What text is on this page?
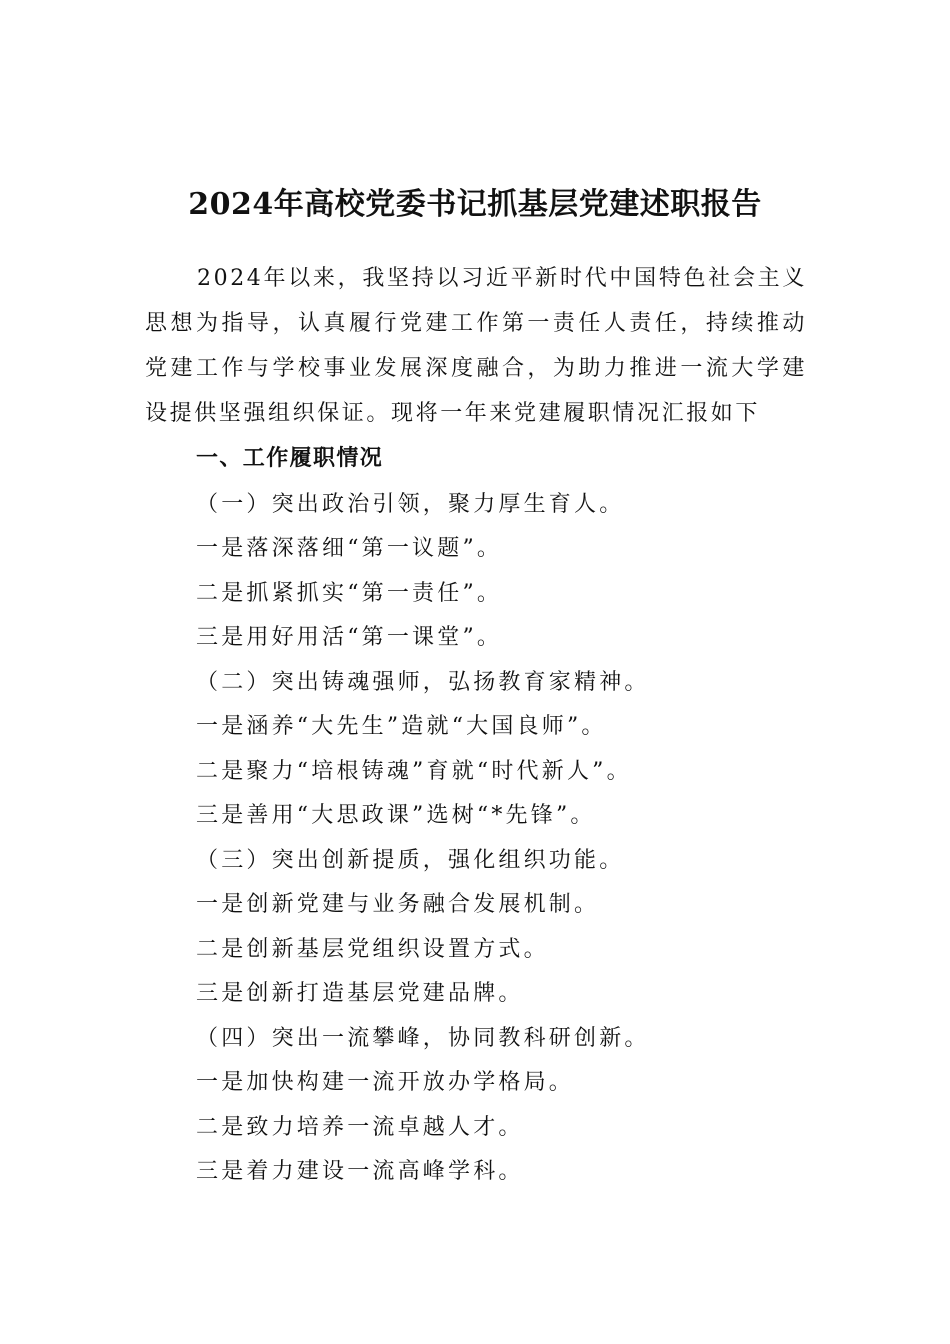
2024年高校党委书记抓基层党建述职报告

2024年以来，我坚持以习近平新时代中国特色社会主义思想为指导，认真履行党建工作第一责任人责任，持续推动党建工作与学校事业发展深度融合，为助力推进一流大学建设提供坚强组织保证。现将一年来党建履职情况汇报如下

一、工作履职情况

（一）突出政治引领，聚力厚生育人。

一是落深落细“第一议题”。

二是抓紧抓实“第一责任”。

三是用好用活“第一课堂”。

（二）突出铸魂强师，弘扬教育家精神。

一是涵养“大先生”造就“大国良师”。

二是聚力“培根铸魂”育就“时代新人”。

三是善用“大思政课”选树“*先锋”。

（三）突出创新提质，强化组织功能。

一是创新党建与业务融合发展机制。

二是创新基层党组织设置方式。

三是创新打造基层党建品牌。

（四）突出一流攀峰，协同教科研创新。

一是加快构建一流开放办学格局。

二是致力培养一流卓越人才。

三是着力建设一流高峰学科。
